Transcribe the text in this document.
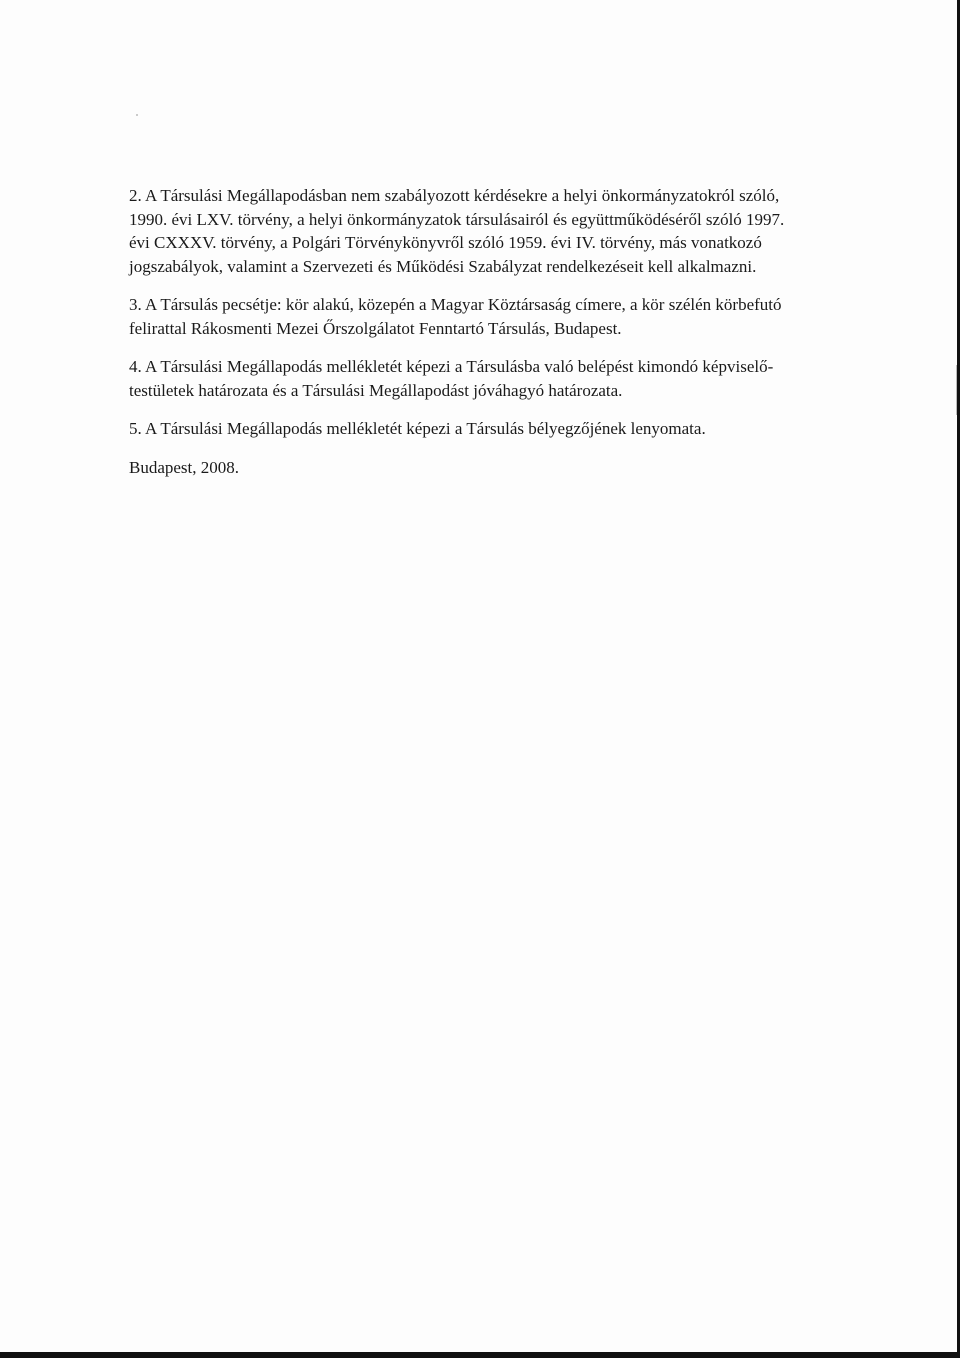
2. A Társulási Megállapodásban nem szabályozott kérdésekre a helyi önkormányzatokról szóló,
1990. évi LXV. törvény, a helyi önkormányzatok társulásairól és együttműködéséről szóló 1997.
évi CXXXV. törvény, a Polgári Törvénykönyvről szóló 1959. évi IV. törvény, más vonatkozó
jogszabályok, valamint a Szervezeti és Működési Szabályzat rendelkezéseit kell alkalmazni.

3. A Társulás pecsétje: kör alakú, közepén a Magyar Köztársaság címere, a kör szélén körbefutó
felirattal Rákosmenti Mezei Őrszolgálatot Fenntartó Társulás, Budapest.

4. A Társulási Megállapodás mellékletét képezi a Társulásba való belépést kimondó képviselő-
testületek határozata és a Társulási Megállapodást jóváhagyó határozata.

5. A Társulási Megállapodás mellékletét képezi a Társulás bélyegzőjének lenyomata.

Budapest, 2008.
